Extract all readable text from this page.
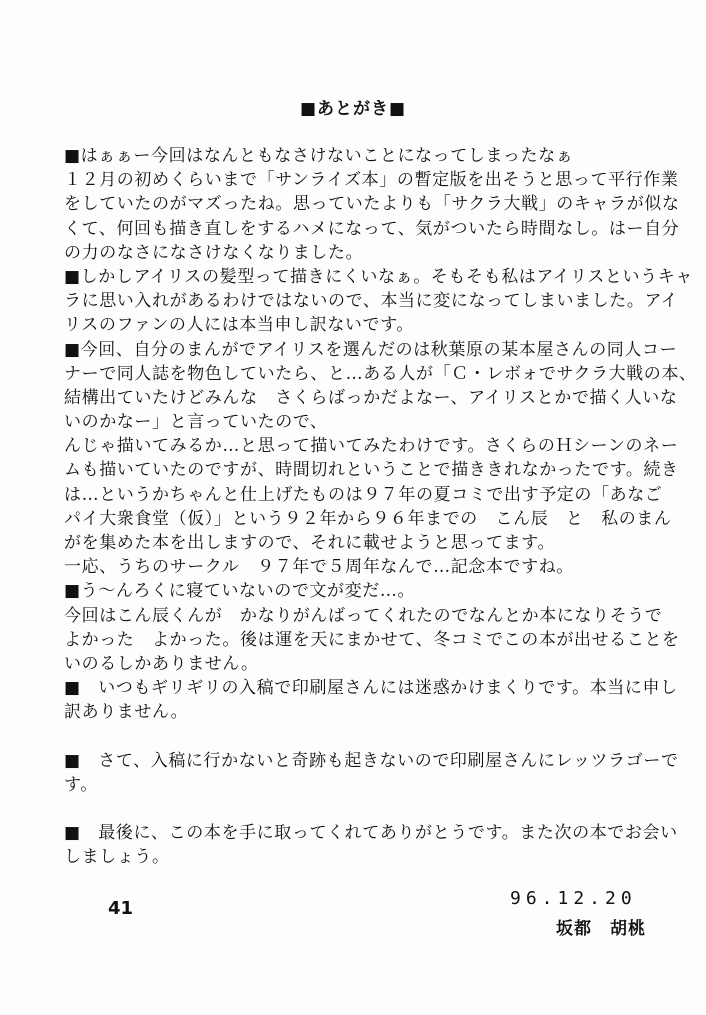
■あとがき■
■はぁぁー今回はなんともなさけないことになってしまったなぁ
１２月の初めくらいまで「サンライズ本」の暫定版を出そうと思って平行作業
をしていたのがマズったね。思っていたよりも「サクラ大戦」のキャラが似な
くて、何回も描き直しをするハメになって、気がついたら時間なし。はー自分
の力のなさになさけなくなりました。
■しかしアイリスの髪型って描きにくいなぁ。そもそも私はアイリスというキャ
ラに思い入れがあるわけではないので、本当に変になってしまいました。アイ
リスのファンの人には本当申し訳ないです。
■今回、自分のまんがでアイリスを選んだのは秋葉原の某本屋さんの同人コー
ナーで同人誌を物色していたら、と…ある人が「Ｃ・レボォでサクラ大戦の本、
結構出ていたけどみんな　さくらばっかだよなー、アイリスとかで描く人いな
いのかなー」と言っていたので、
んじゃ描いてみるか…と思って描いてみたわけです。さくらのＨシーンのネー
ムも描いていたのですが、時間切れということで描ききれなかったです。続き
は…というかちゃんと仕上げたものは９７年の夏コミで出す予定の「あなご
パイ大衆食堂（仮）」という９２年から９６年までの　こん辰　と　私のまん
がを集めた本を出しますので、それに載せようと思ってます。
一応、うちのサークル　９７年で５周年なんで…記念本ですね。
■う～んろくに寝ていないので文が変だ…。
今回はこん辰くんが　かなりがんばってくれたのでなんとか本になりそうで
よかった　よかった。後は運を天にまかせて、冬コミでこの本が出せることを
いのるしかありません。
■　いつもギリギリの入稿で印刷屋さんには迷惑かけまくりです。本当に申し
訳ありません。
■　さて、入稿に行かないと奇跡も起きないので印刷屋さんにレッツラゴーで
す。
■　最後に、この本を手に取ってくれてありがとうです。また次の本でお会い
しましょう。
41	96.12.20
坂都　胡桃
